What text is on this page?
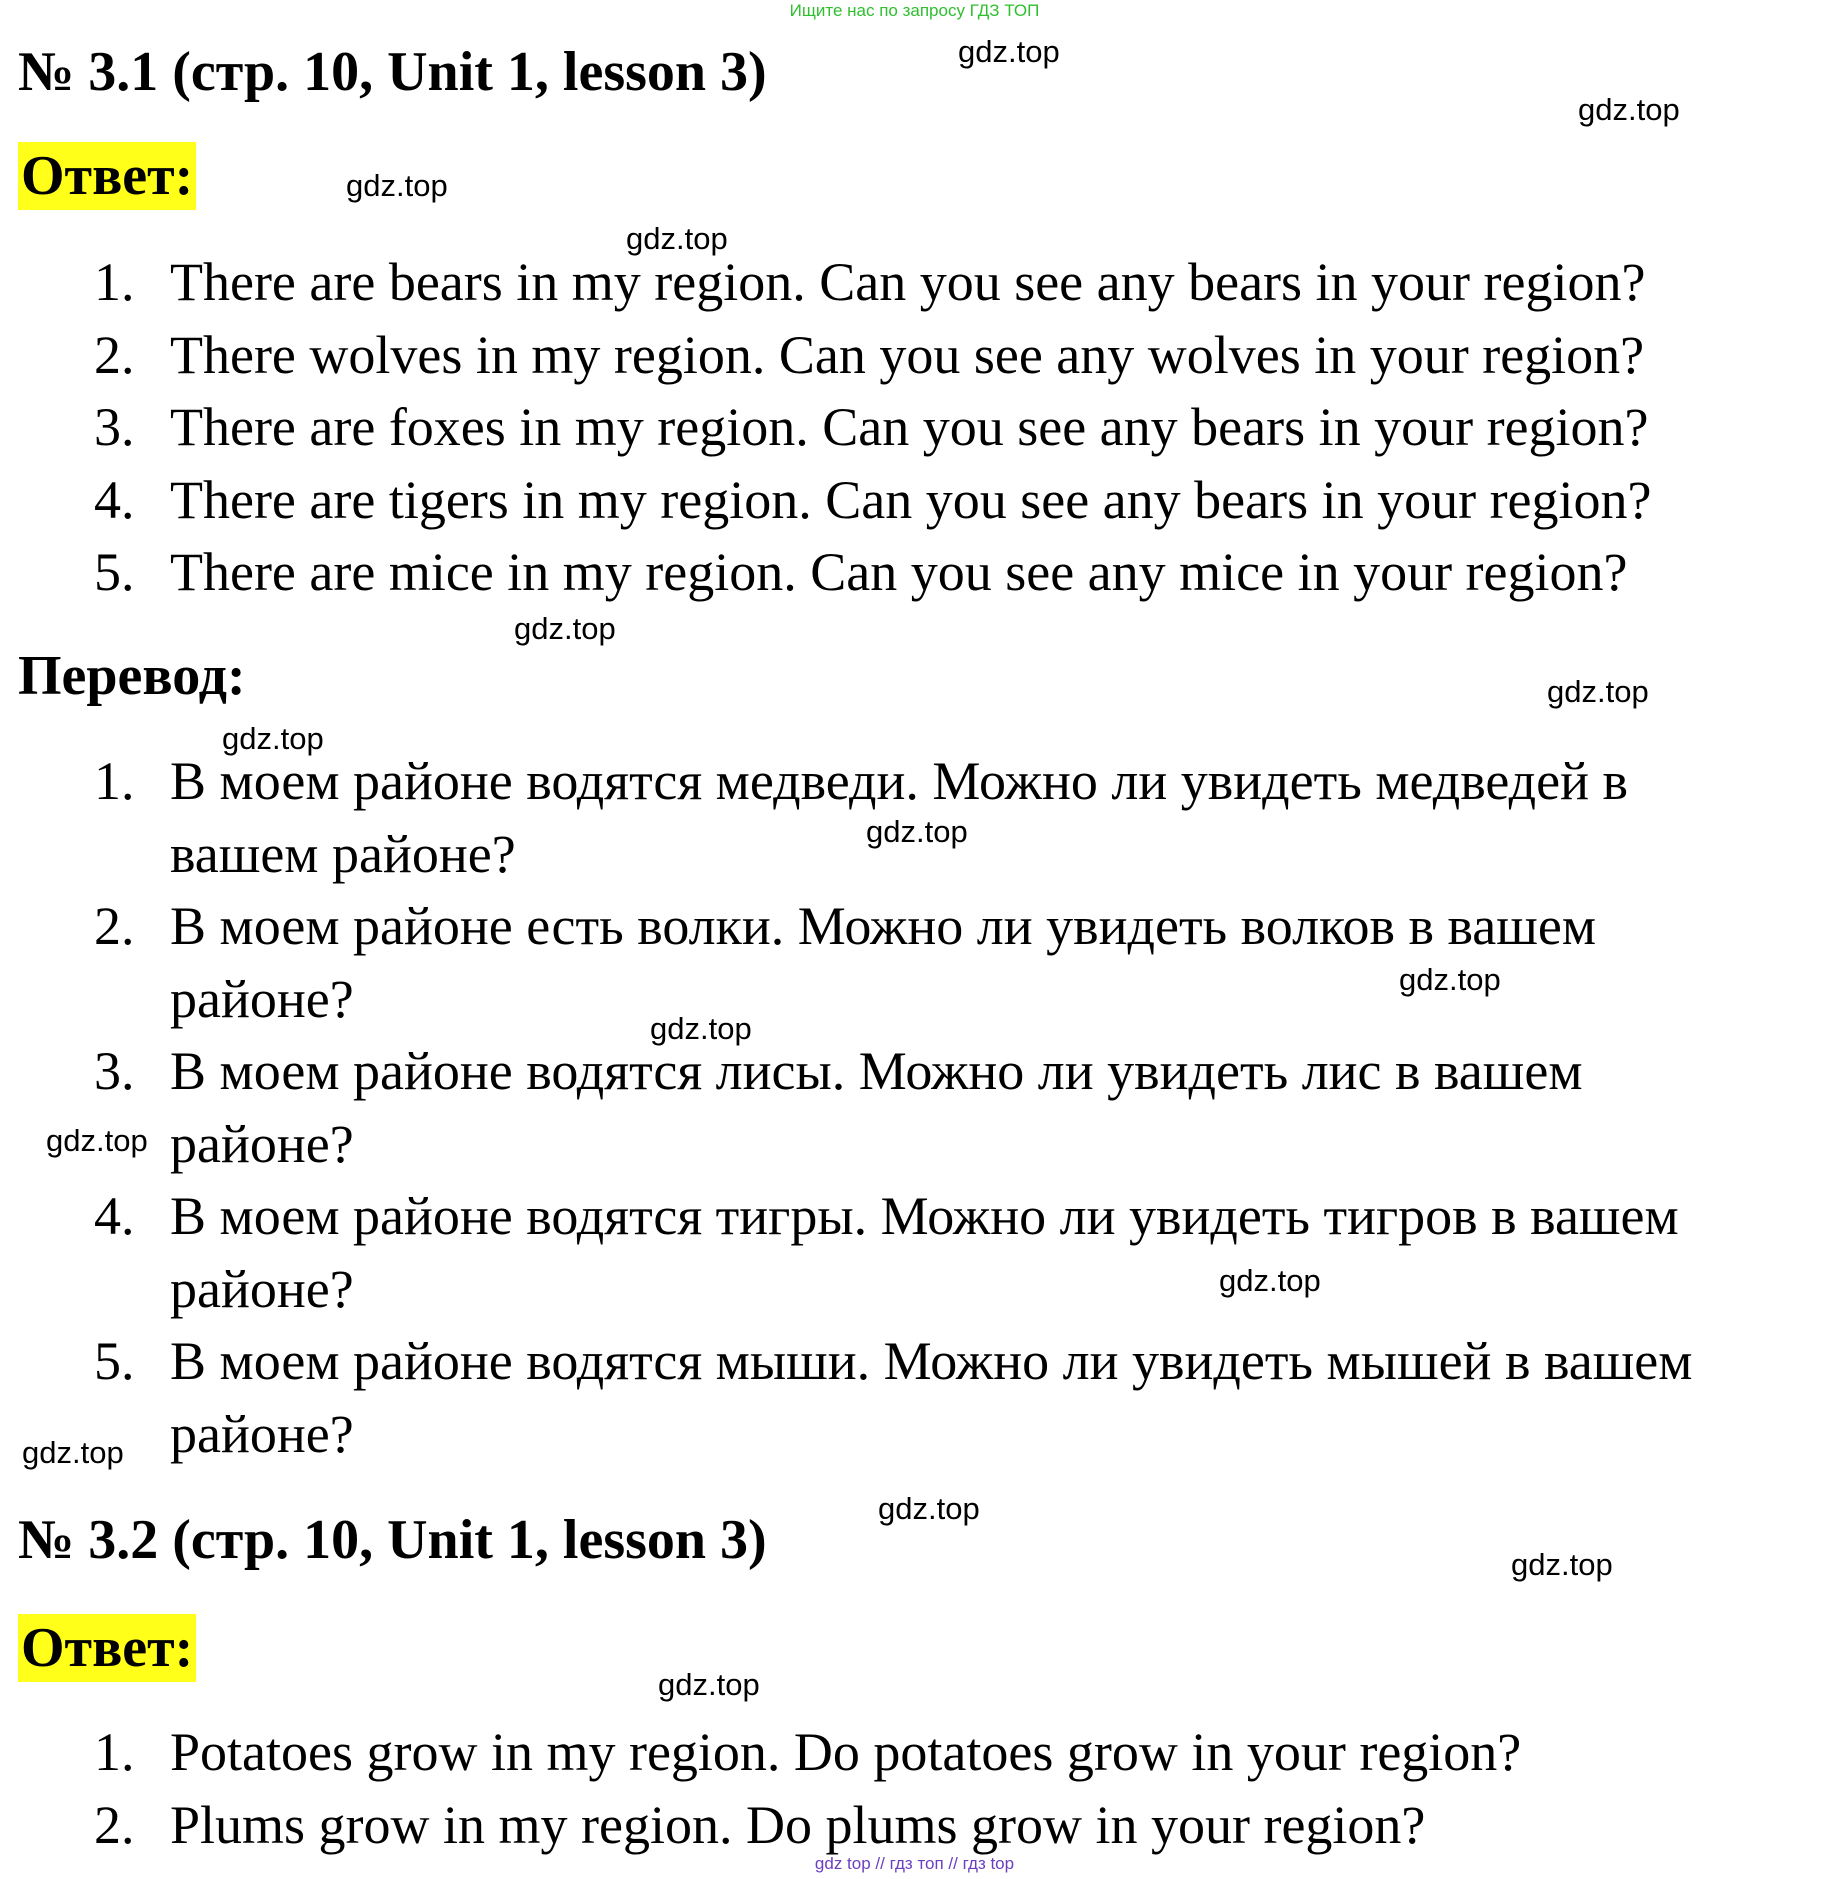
Ищите нас по запросу ГДЗ ТОП
№ 3.1 (стр. 10, Unit 1, lesson 3)
Ответ:
1. There are bears in my region. Can you see any bears in your region?
2. There wolves in my region. Can you see any wolves in your region?
3. There are foxes in my region. Can you see any bears in your region?
4. There are tigers in my region. Can you see any bears in your region?
5. There are mice in my region. Can you see any mice in your region?
Перевод:
1. В моем районе водятся медведи. Можно ли увидеть медведей в
вашем районе?
2. В моем районе есть волки. Можно ли увидеть волков в вашем
районе?
3. В моем районе водятся лисы. Можно ли увидеть лис в вашем
районе?
4. В моем районе водятся тигры. Можно ли увидеть тигров в вашем
районе?
5. В моем районе водятся мыши. Можно ли увидеть мышей в вашем
районе?
№ 3.2 (стр. 10, Unit 1, lesson 3)
Ответ:
1. Potatoes grow in my region. Do potatoes grow in your region?
2. Plums grow in my region. Do plums grow in your region?
gdz.top
gdz.top
gdz.top
gdz.top
gdz.top
gdz.top
gdz.top
gdz.top
gdz.top
gdz.top
gdz.top
gdz.top
gdz.top
gdz.top
gdz.top
gdz.top
gdz top // гдз топ // гдз top
